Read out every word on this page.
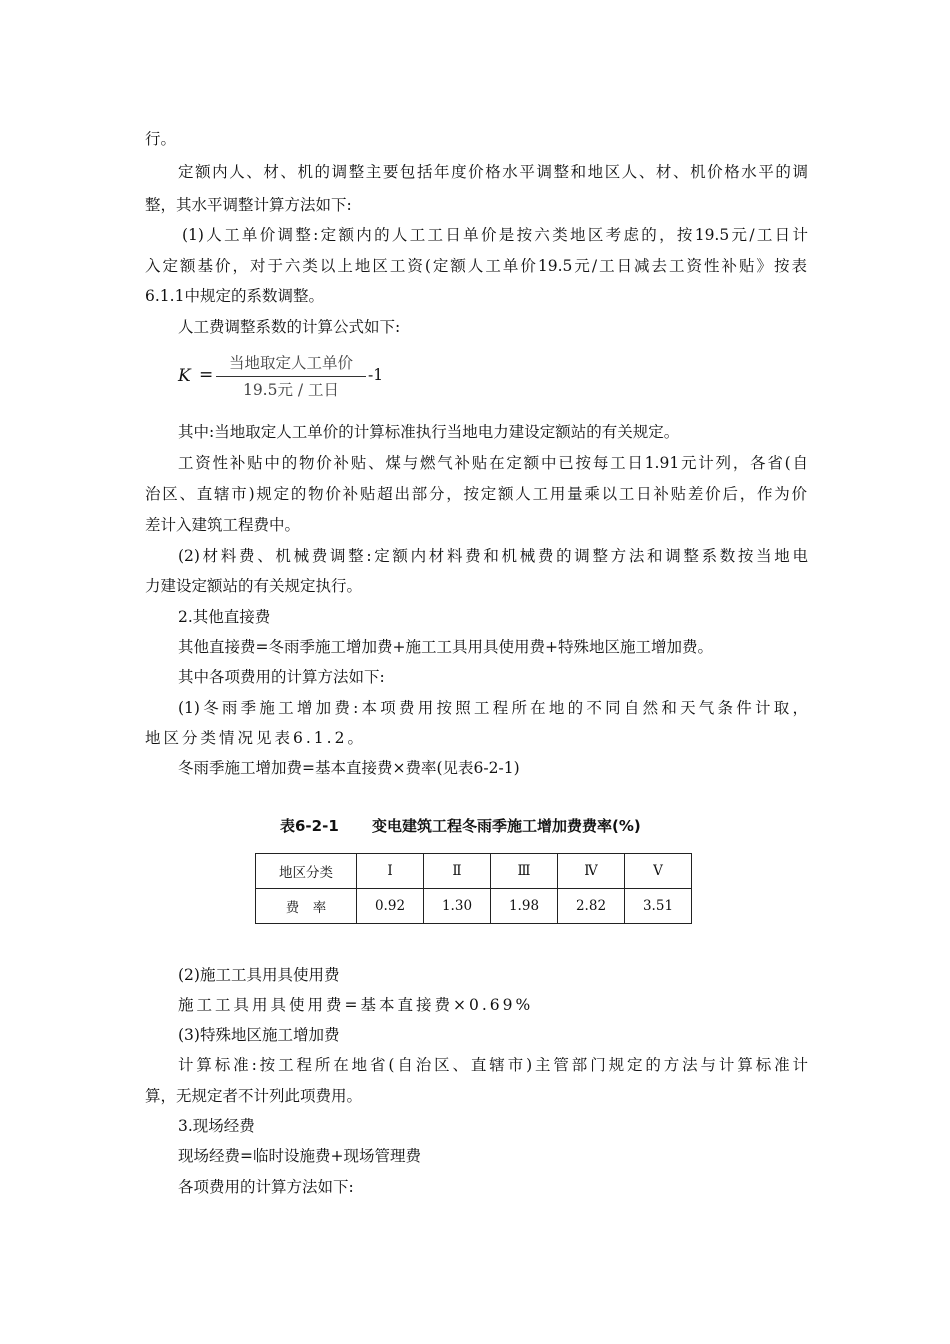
行。
定额内人、材、机的调整主要包括年度价格水平调整和地区人、材、机价格水平的调
整，其水平调整计算方法如下:
(1)人工单价调整:定额内的人工工日单价是按六类地区考虑的，按19.5元/工日计
入定额基价，对于六类以上地区工资(定额人工单价19.5元/工日减去工资性补贴》按表
6.1.1中规定的系数调整。
人工费调整系数的计算公式如下:
K =
当地取定人工单价
19.5元 / 工日
-1
其中:当地取定人工单价的计算标准执行当地电力建设定额站的有关规定。
工资性补贴中的物价补贴、煤与燃气补贴在定额中已按每工日1.91元计列，各省(自
治区、直辖市)规定的物价补贴超出部分，按定额人工用量乘以工日补贴差价后，作为价
差计入建筑工程费中。
(2)材料费、机械费调整:定额内材料费和机械费的调整方法和调整系数按当地电
力建设定额站的有关规定执行。
2.其他直接费
其他直接费=冬雨季施工增加费+施工工具用具使用费+特殊地区施工增加费。
其中各项费用的计算方法如下:
(1)冬雨季施工增加费:本项费用按照工程所在地的不同自然和天气条件计取，
地区分类情况见表6.1.2。
冬雨季施工增加费=基本直接费×费率(见表6-2-1)
表6-2-1 变电建筑工程冬雨季施工增加费费率(%)
地区分类	Ⅰ	Ⅱ	Ⅲ	Ⅳ	Ⅴ
费　率	0.92	1.30	1.98	2.82	3.51
(2)施工工具用具使用费
施工工具用具使用费=基本直接费×0.69%
(3)特殊地区施工增加费
计算标准:按工程所在地省(自治区、直辖市)主管部门规定的方法与计算标准计
算，无规定者不计列此项费用。
3.现场经费
现场经费=临时设施费+现场管理费
各项费用的计算方法如下:
